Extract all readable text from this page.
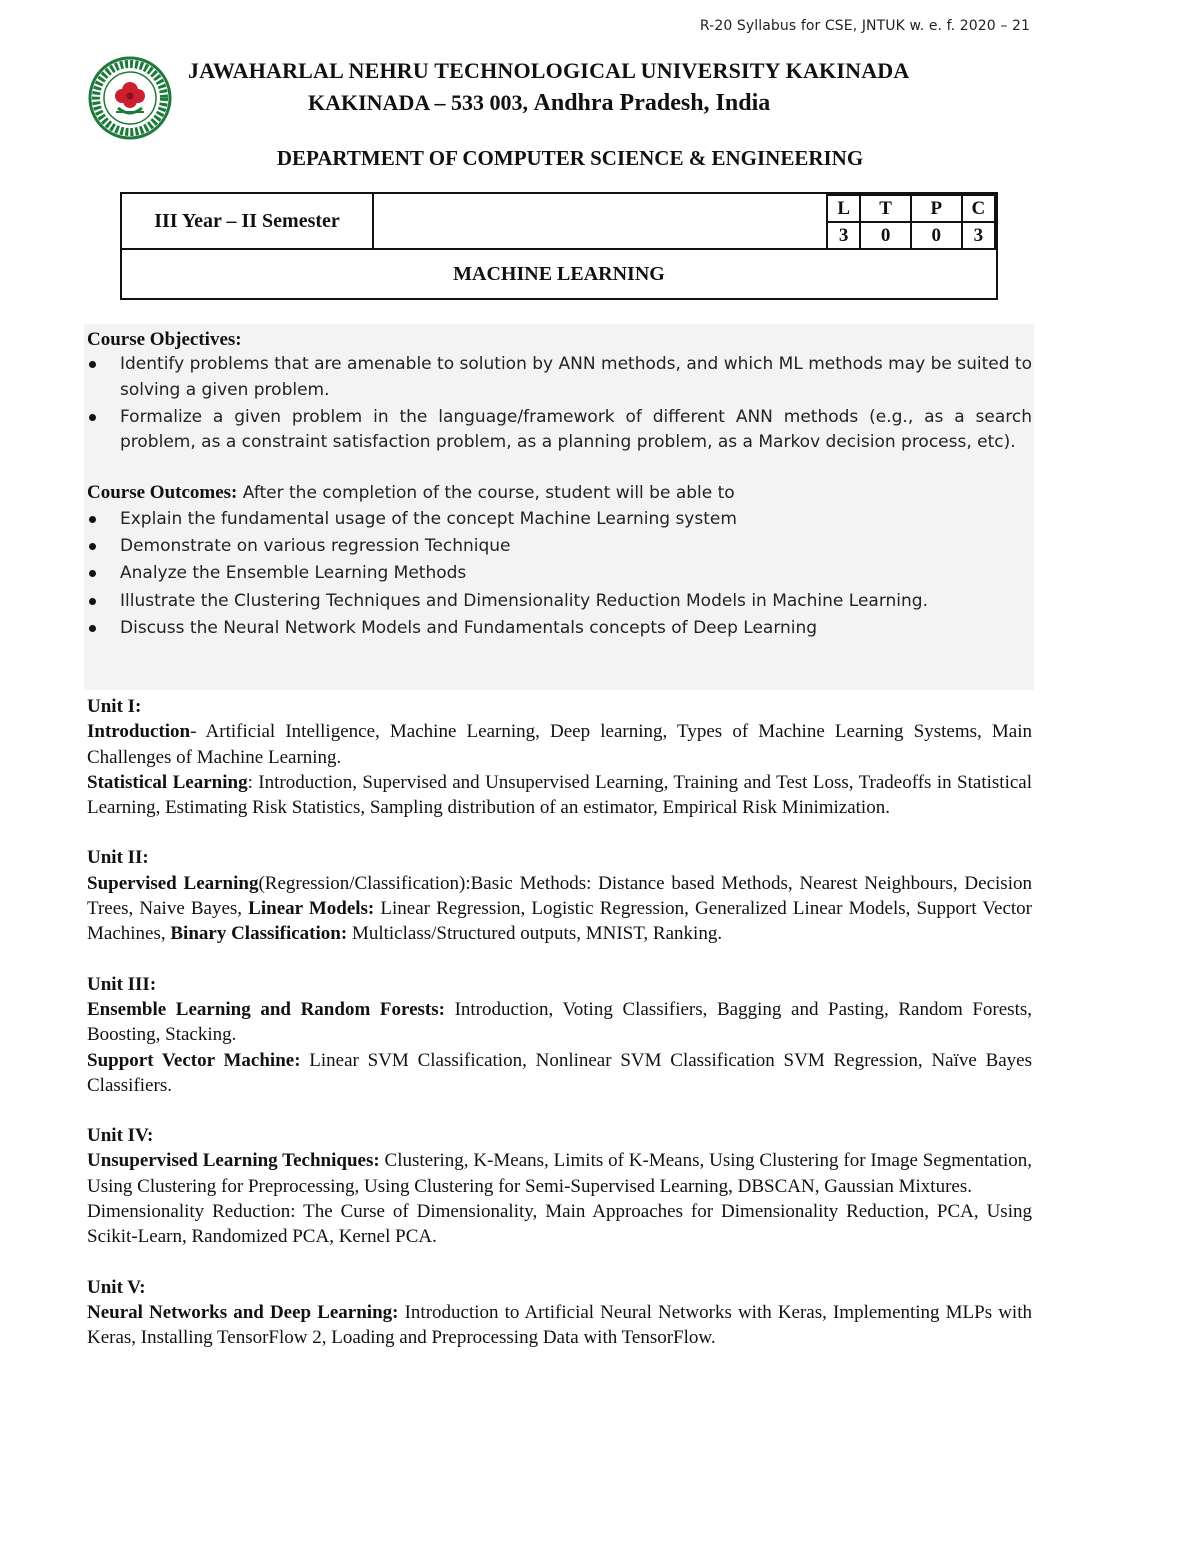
R-20 Syllabus for CSE, JNTUK w. e. f. 2020 – 21
JAWAHARLAL NEHRU TECHNOLOGICAL UNIVERSITY KAKINADA
KAKINADA – 533 003, Andhra Pradesh, India
DEPARTMENT OF COMPUTER SCIENCE & ENGINEERING
III Year – II Semester
L	T	P	C
3	0	0	3
MACHINE LEARNING

Course Objectives:

Identify problems that are amenable to solution by ANN methods, and which ML methods may be suited to solving a given problem.
Formalize a given problem in the language/framework of different ANN methods (e.g., as a search problem, as a constraint satisfaction problem, as a planning problem, as a Markov decision process, etc).

Course Outcomes: After the completion of the course, student will be able to

Explain the fundamental usage of the concept Machine Learning system
Demonstrate on various regression Technique
Analyze the Ensemble Learning Methods
Illustrate the Clustering Techniques and Dimensionality Reduction Models in Machine Learning.
Discuss the Neural Network Models and Fundamentals concepts of Deep Learning

Unit I:

Introduction- Artificial Intelligence, Machine Learning, Deep learning, Types of Machine Learning Systems, Main Challenges of Machine Learning.

Statistical Learning: Introduction, Supervised and Unsupervised Learning, Training and Test Loss, Tradeoffs in Statistical Learning, Estimating Risk Statistics, Sampling distribution of an estimator, Empirical Risk Minimization.

Unit II:

Supervised Learning(Regression/Classification):Basic Methods: Distance based Methods, Nearest Neighbours, Decision Trees, Naive Bayes, Linear Models: Linear Regression, Logistic Regression, Generalized Linear Models, Support Vector Machines, Binary Classification: Multiclass/Structured outputs, MNIST, Ranking.

Unit III:

Ensemble Learning and Random Forests: Introduction, Voting Classifiers, Bagging and Pasting, Random Forests, Boosting, Stacking.

Support Vector Machine: Linear SVM Classification, Nonlinear SVM Classification SVM Regression, Naïve Bayes Classifiers.

Unit IV:

Unsupervised Learning Techniques: Clustering, K-Means, Limits of K-Means, Using Clustering for Image Segmentation, Using Clustering for Preprocessing, Using Clustering for Semi-Supervised Learning, DBSCAN, Gaussian Mixtures.

Dimensionality Reduction: The Curse of Dimensionality, Main Approaches for Dimensionality Reduction, PCA, Using Scikit-Learn, Randomized PCA, Kernel PCA.

Unit V:

Neural Networks and Deep Learning: Introduction to Artificial Neural Networks with Keras, Implementing MLPs with Keras, Installing TensorFlow 2, Loading and Preprocessing Data with TensorFlow.
